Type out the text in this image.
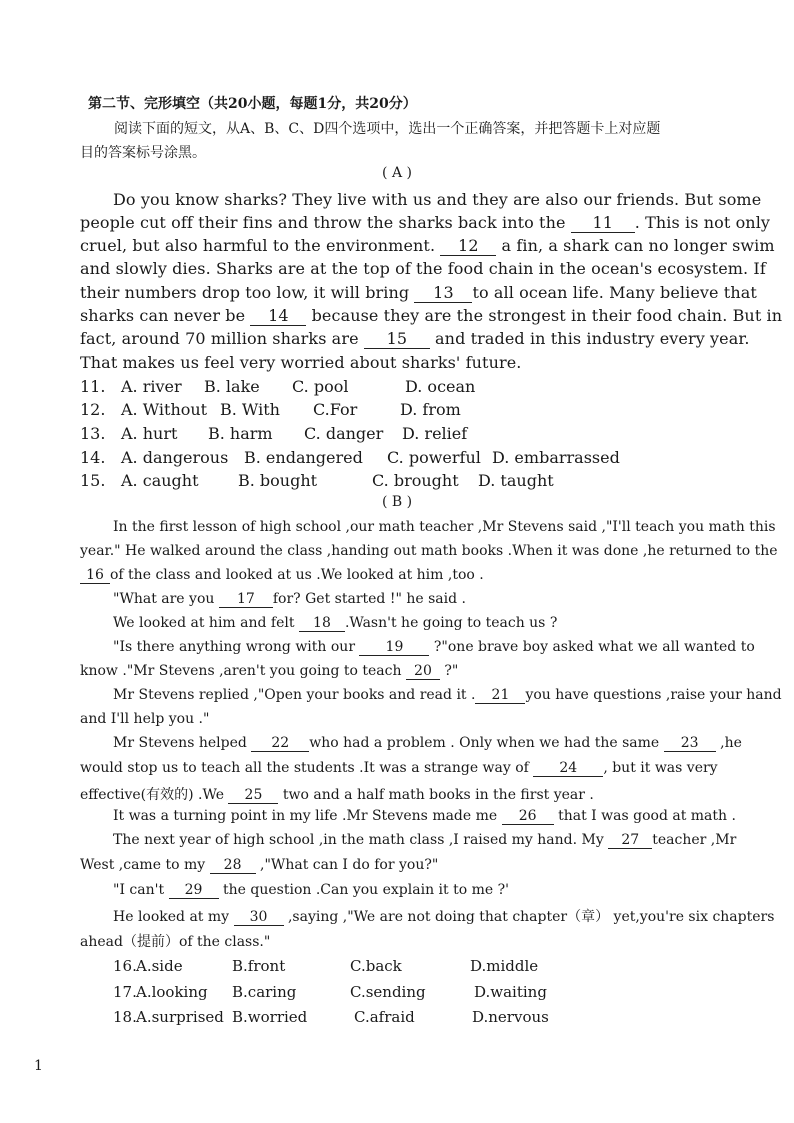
第二节、完形填空（共20小题，每题1分，共20分）
阅读下面的短文，从A、B、C、D四个选项中，选出一个正确答案，并把答题卡上对应题
目的答案标号涂黑。
( A )
Do you know sharks? They live with us and they are also our friends. But some
people cut off their fins and throw the sharks back into the 11 . This is not only
cruel, but also harmful to the environment. 12 a fin, a shark can no longer swim
and slowly dies. Sharks are at the top of the food chain in the ocean's ecosystem. If
their numbers drop too low, it will bring 13 to all ocean life. Many believe that
sharks can never be 14 because they are the strongest in their food chain. But in
fact, around 70 million sharks are 15 and traded in this industry every year.
That makes us feel very worried about sharks' future.
11. A. river B. lake C. pool	D. ocean
12. A. Without B. With C.For	D. from
13. A. hurt B. harm C. danger D. relief
14. A. dangerous B. endangered C. powerful D. embarrassed
15. A. caught B. bought	C. brought D. taught
( B )
In the first lesson of high school ,our math teacher ,Mr Stevens said ,"I'll teach you math this
year." He walked around the class ,handing out math books .When it was done ,he returned to the
16 of the class and looked at us .We looked at him ,too .
"What are you 17 for? Get started !" he said .
We looked at him and felt 18 .Wasn't he going to teach us ?
"Is there anything wrong with our 19 ?"one brave boy asked what we all wanted to
know ."Mr Stevens ,aren't you going to teach 20 ?"
Mr Stevens replied ,"Open your books and read it . 21 you have questions ,raise your hand
and I'll help you ."
Mr Stevens helped 22 who had a problem . Only when we had the same 23 ,he
would stop us to teach all the students .It was a strange way of 24 , but it was very
effective(有效的) .We 25 two and a half math books in the first year .
It was a turning point in my life .Mr Stevens made me 26 that I was good at math .
The next year of high school ,in the math class ,I raised my hand. My 27 teacher ,Mr
West ,came to my 28 ,"What can I do for you?"
"I can't 29 the question .Can you explain it to me ?'
He looked at my 30 ,saying ,"We are not doing that chapter（章） yet,you're six chapters
ahead（提前）of the class."
16. A.side	B.front	C.back	D.middle
17. A.looking B.caring	C.sending	D.waiting
18. A.surprised B.worried	C.afraid	D.nervous
1
